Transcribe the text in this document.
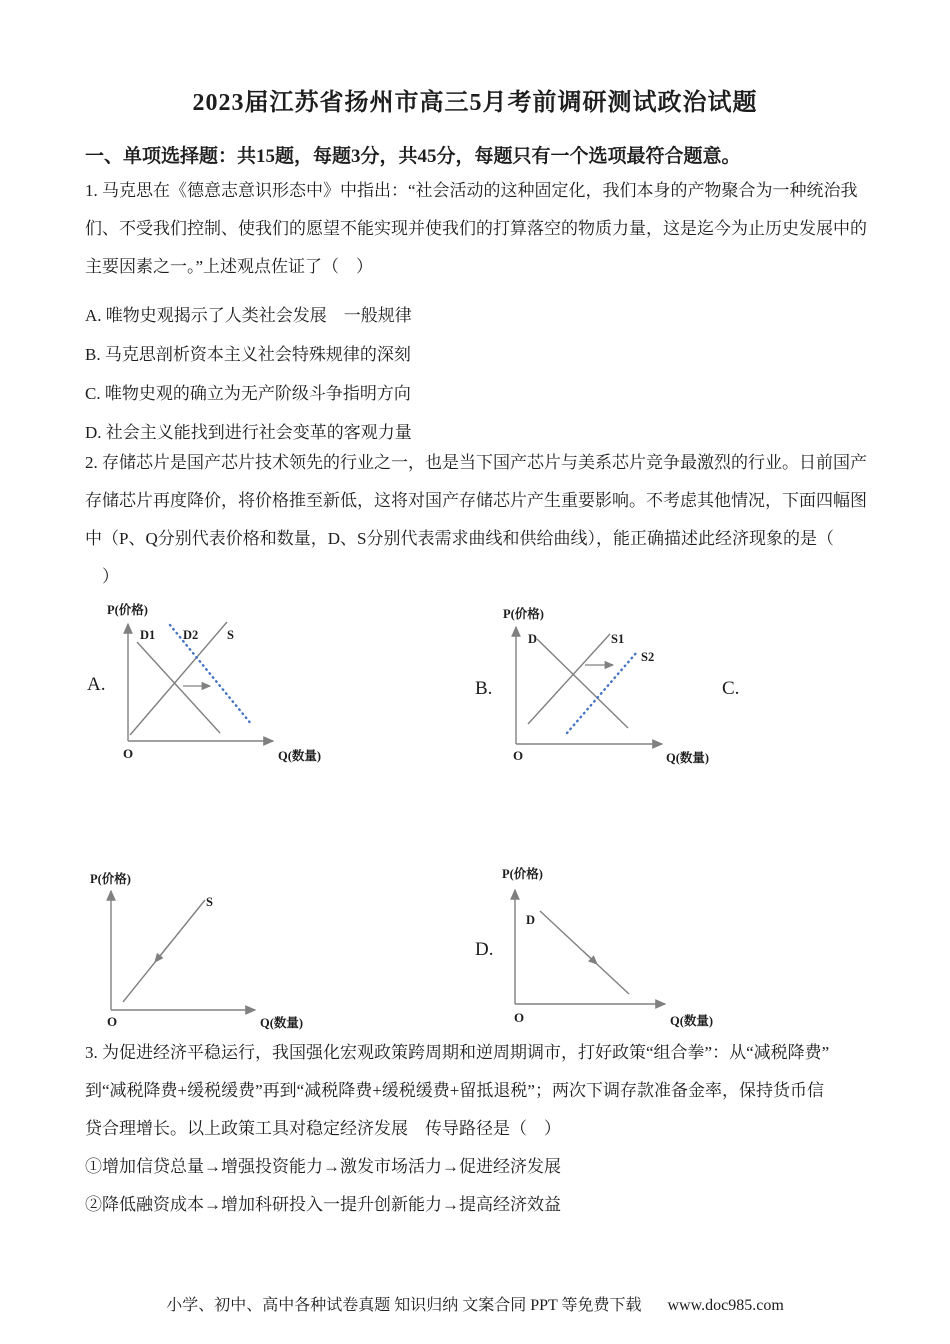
2023届江苏省扬州市高三5月考前调研测试政治试题
一、单项选择题：共15题，每题3分，共45分，每题只有一个选项最符合题意。
1. 马克思在《德意志意识形态中》中指出：“社会活动的这种固定化，我们本身的产物聚合为一种统治我
们、不受我们控制、使我们的愿望不能实现并使我们的打算落空的物质力量，这是迄今为止历史发展中的
主要因素之一。”上述观点佐证了（　）
A. 唯物史观揭示了人类社会发展　一般规律
B. 马克思剖析资本主义社会特殊规律的深刻
C. 唯物史观的确立为无产阶级斗争指明方向
D. 社会主义能找到进行社会变革的客观力量
2. 存储芯片是国产芯片技术领先的行业之一，也是当下国产芯片与美系芯片竞争最激烈的行业。日前国产
存储芯片再度降价，将价格推至新低，这将对国产存储芯片产生重要影响。不考虑其他情况，下面四幅图
中（P、Q分别代表价格和数量，D、S分别代表需求曲线和供给曲线），能正确描述此经济现象的是（
　）
A.
P(价格)
Q(数量)
O
D1 D2 S
B.
P(价格)
Q(数量)
O
D	S1
S2
C.
P(价格)
Q(数量)
O
S
D.
P(价格)
Q(数量)
O
D
3. 为促进经济平稳运行，我国强化宏观政策跨周期和逆周期调市，打好政策“组合拳”：从“减税降费”
到“减税降费+缓税缓费”再到“减税降费+缓税缓费+留抵退税”；两次下调存款准备金率，保持货币信
贷合理增长。以上政策工具对稳定经济发展　传导路径是（　）
①增加信贷总量→增强投资能力→激发市场活力→促进经济发展
②降低融资成本→增加科研投入一提升创新能力→提高经济效益
小学、初中、高中各种试卷真题 知识归纳 文案合同 PPT 等免费下载 www.doc985.com
